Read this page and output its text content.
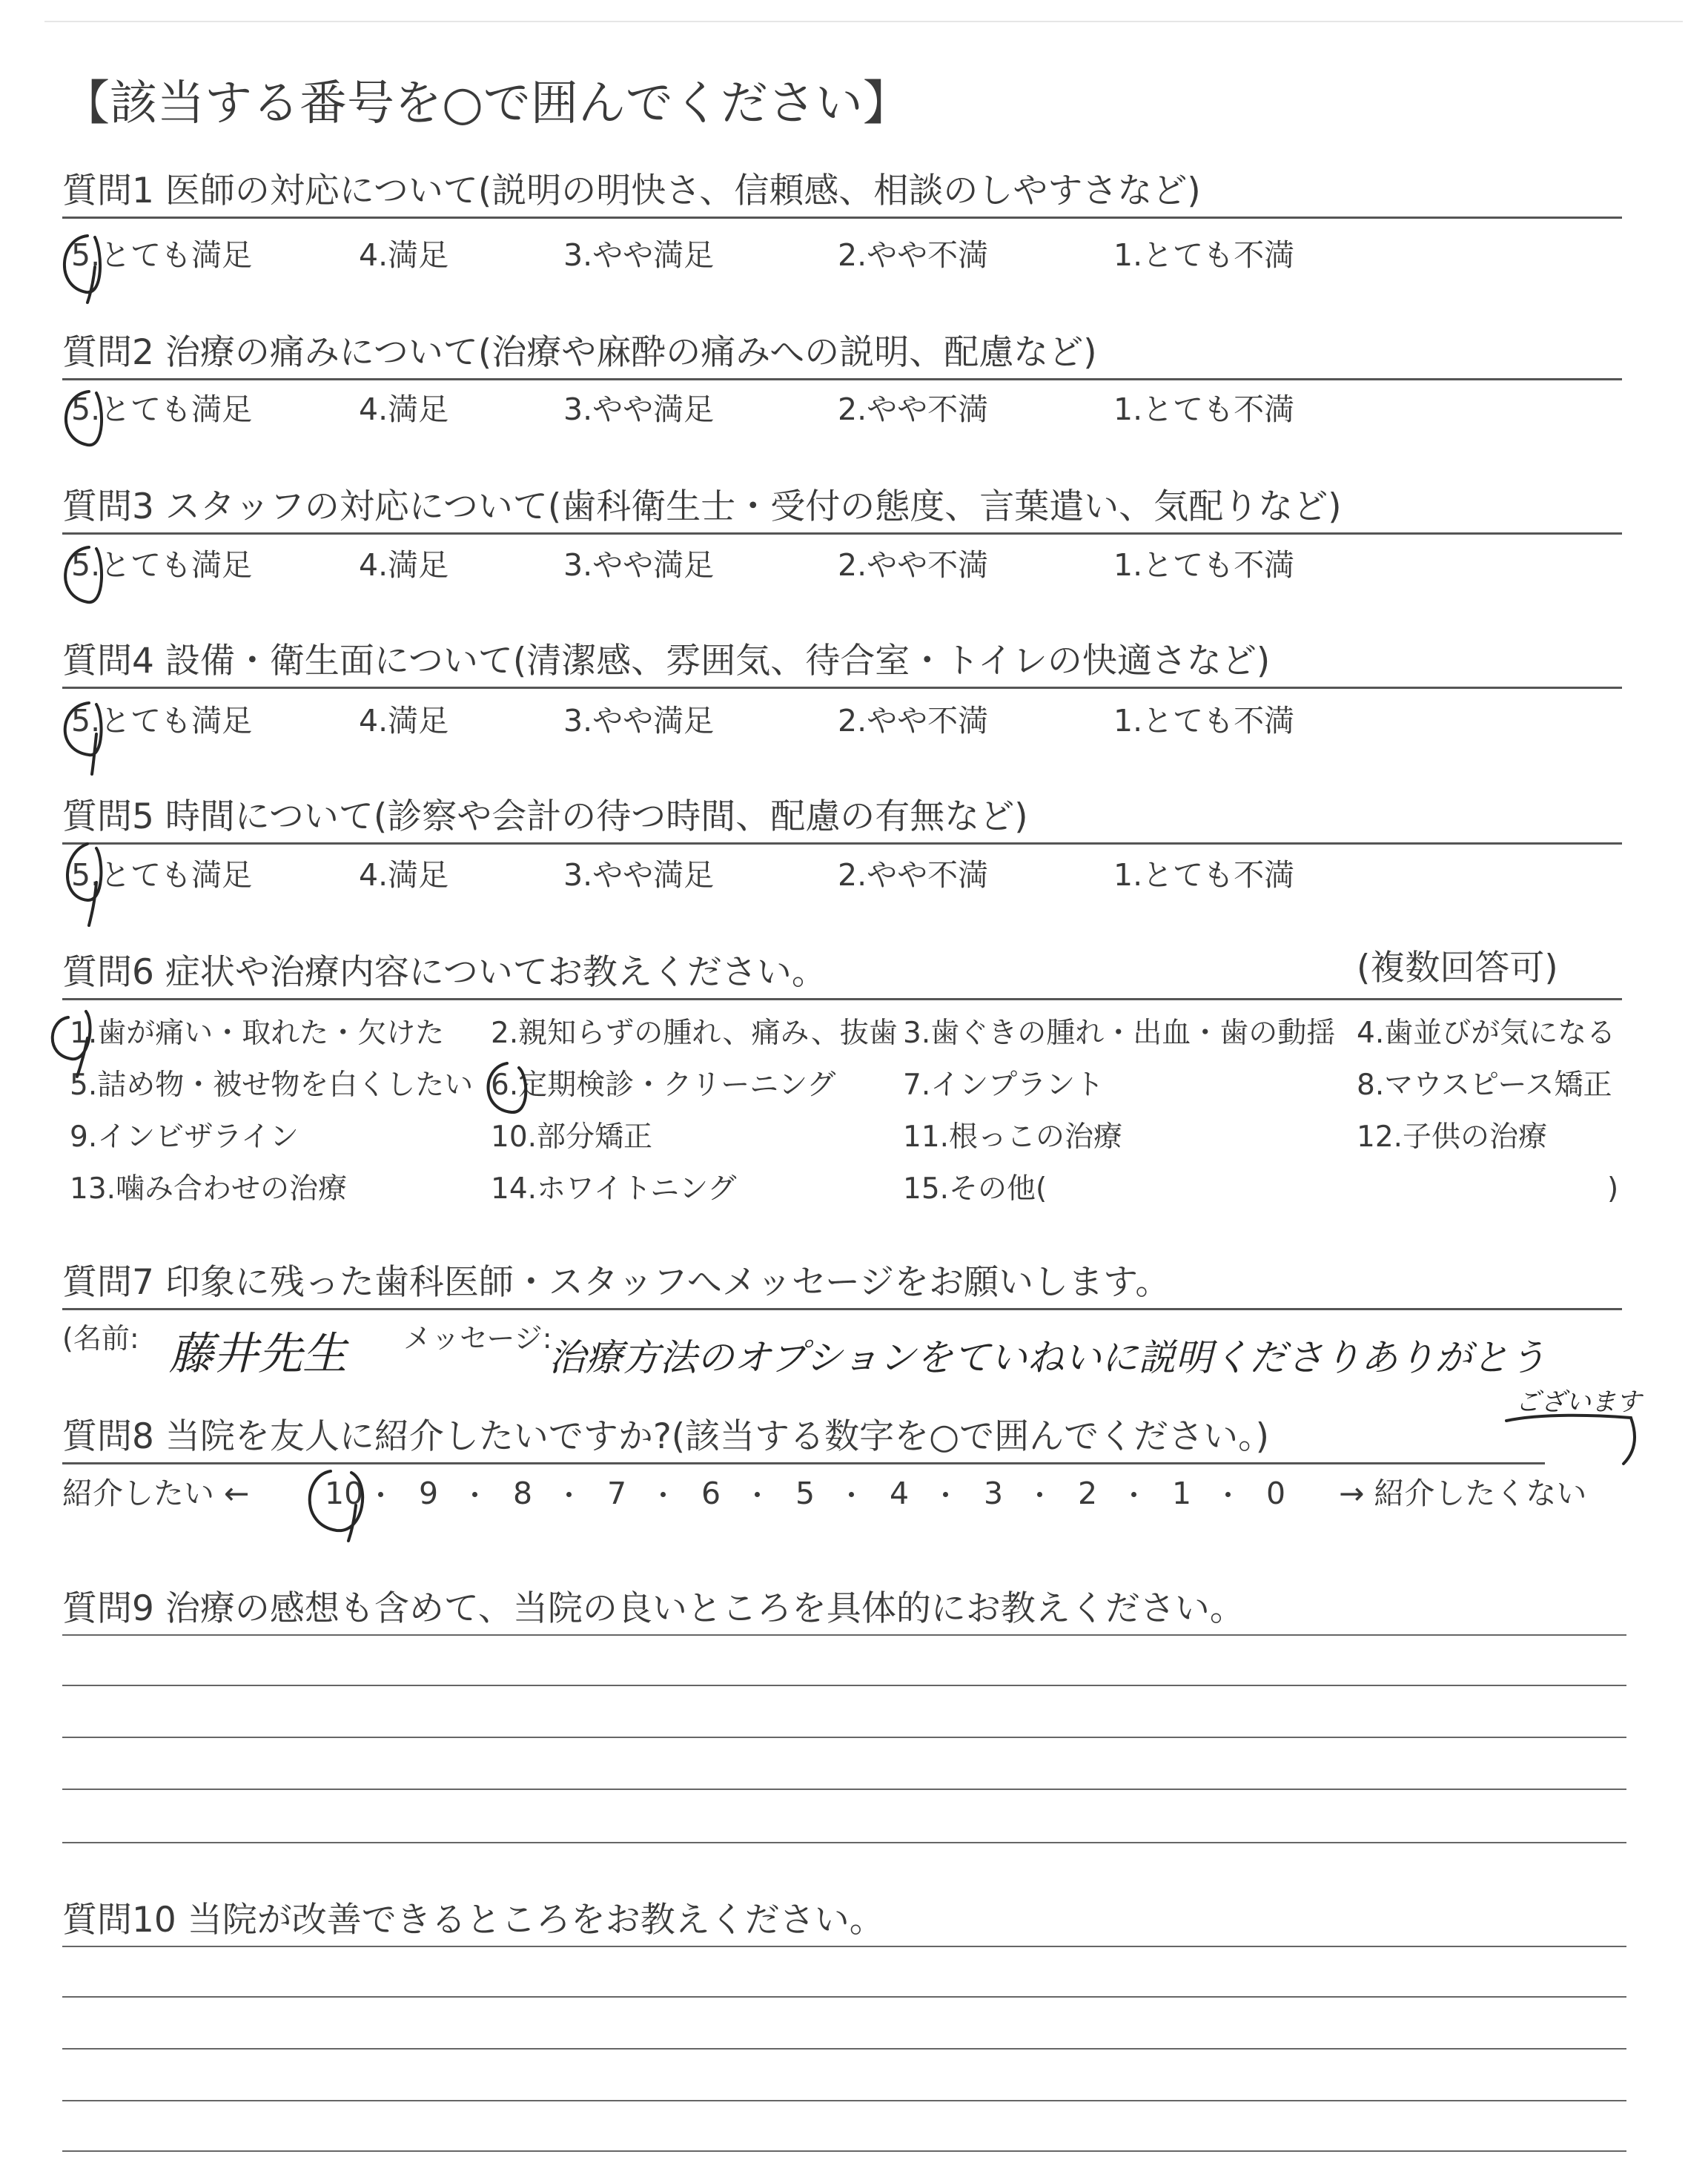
【該当する番号を○で囲んでください】
質問1 医師の対応について(説明の明快さ、信頼感、相談のしやすさなど)
5.とても満足	4.満足	3.やや満足	2.やや不満	1.とても不満
質問2 治療の痛みについて(治療や麻酔の痛みへの説明、配慮など)
5.とても満足	4.満足	3.やや満足	2.やや不満	1.とても不満
質問3 スタッフの対応について(歯科衛生士・受付の態度、言葉遣い、気配りなど)
5.とても満足	4.満足	3.やや満足	2.やや不満	1.とても不満
質問4 設備・衛生面について(清潔感、雰囲気、待合室・トイレの快適さなど)
5.とても満足	4.満足	3.やや満足	2.やや不満	1.とても不満
質問5 時間について(診察や会計の待つ時間、配慮の有無など)
5.とても満足	4.満足	3.やや満足	2.やや不満	1.とても不満
質問6 症状や治療内容についてお教えください。	(複数回答可)
1.歯が痛い・取れた・欠けた 2.親知らずの腫れ、痛み、抜歯 3.歯ぐきの腫れ・出血・歯の動揺 4.歯並びが気になる
5.詰め物・被せ物を白くしたい 6.定期検診・クリーニング 7.インプラント	8.マウスピース矯正
9.インビザライン	10.部分矯正	11.根っこの治療	12.子供の治療
13.噛み合わせの治療	14.ホワイトニング	15.その他(	)
質問7 印象に残った歯科医師・スタッフへメッセージをお願いします。
(名前: 藤井先生 メッセージ:
治療方法のオプションをていねいに説明くださりありがとう
ございます
質問8 当院を友人に紹介したいですか?(該当する数字を○で囲んでください。)
紹介したい ← 10 9 8 7 6 5 4 3 2 1 0 → 紹介したくない
質問9 治療の感想も含めて、当院の良いところを具体的にお教えください。
質問10 当院が改善できるところをお教えください。
